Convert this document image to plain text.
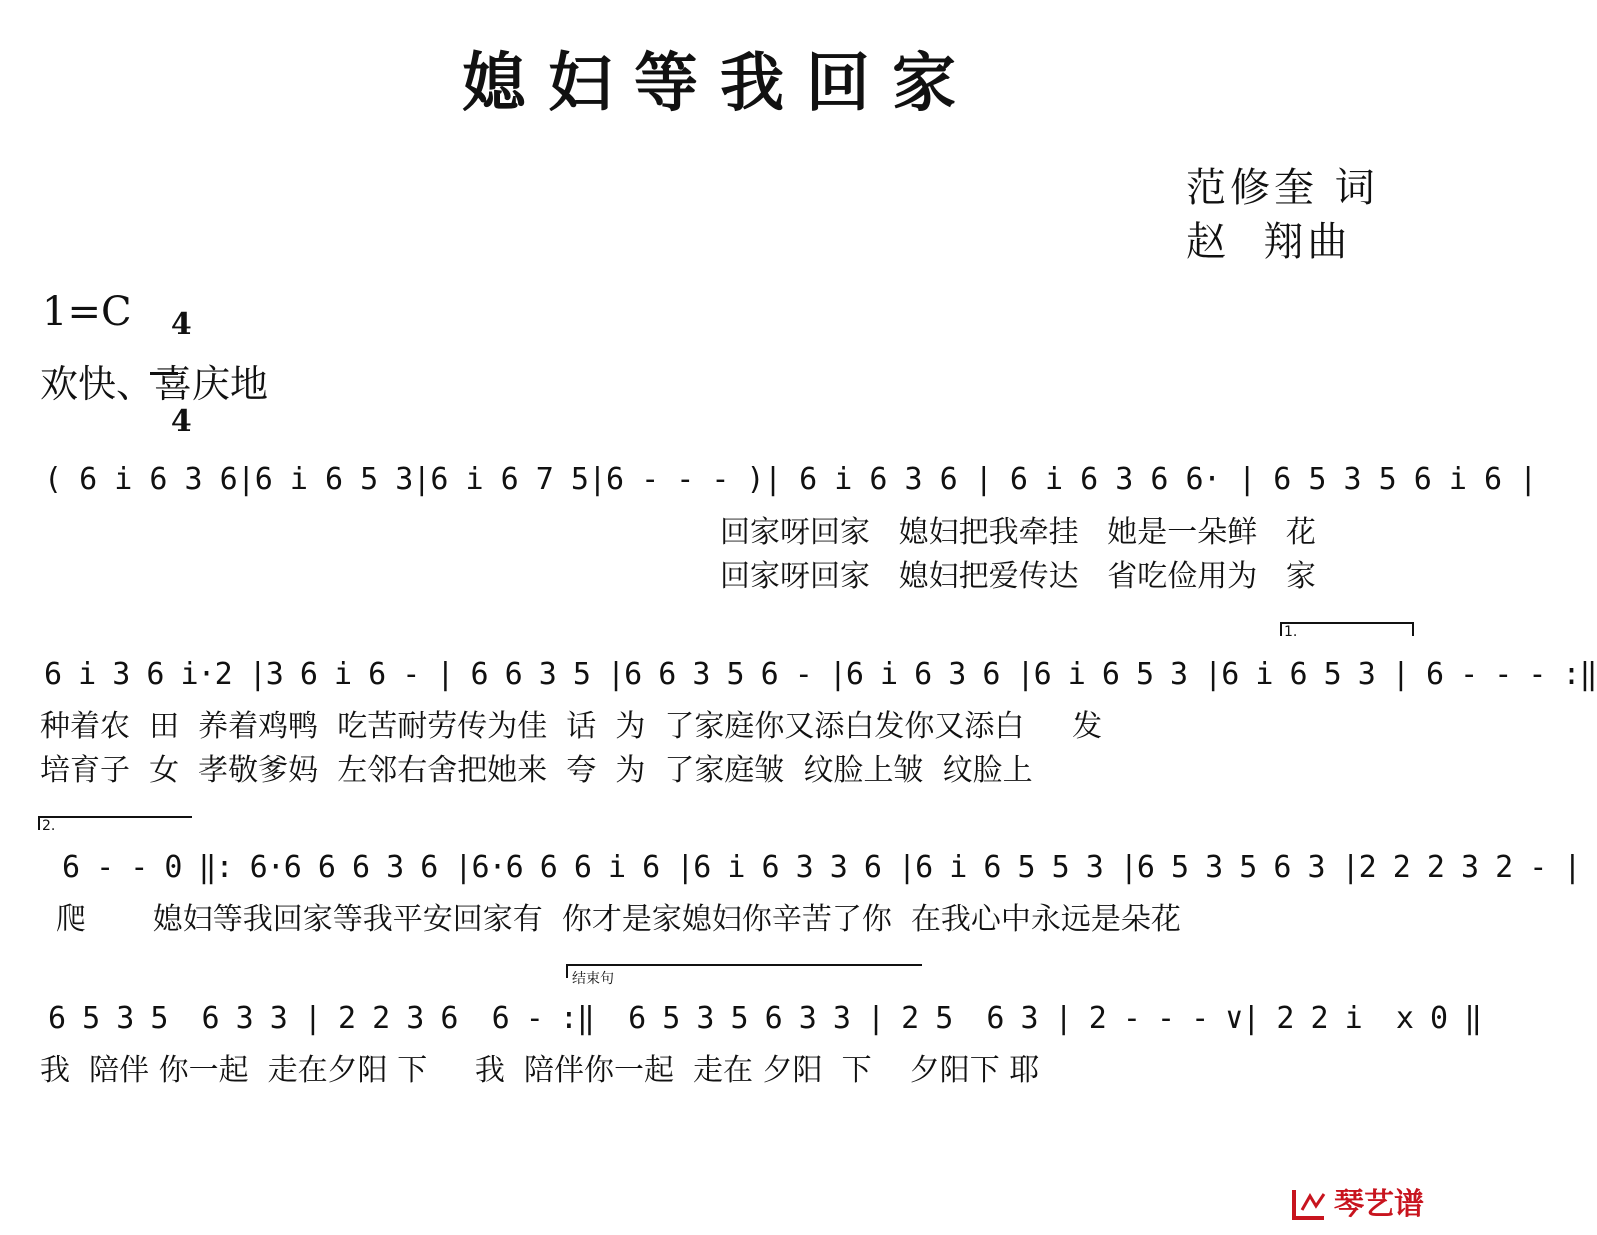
媳妇等我回家
范修奎 词
赵  翔曲
1=C	4

4

欢快、喜庆地
( 6 i 6 3 6|6 i 6 5 3|6 i 6 7 5|6 - - - )| 6 i 6 3 6 | 6 i 6 3 6 6· | 6 5 3 5 6 i 6 |
回家呀回家   媳妇把我牵挂   她是一朵鲜   花
回家呀回家   媳妇把爱传达   省吃俭用为   家
1.
6 i 3 6 i·2 |3 6 i 6 - | 6 6 3 5 |6 6 3 5 6 - |6 i 6 3 6 |6 i 6 5 3 |6 i 6 5 3 | 6 - - - :‖
种着农  田  养着鸡鸭  吃苦耐劳传为佳  话  为  了家庭你又添白发你又添白     发
培育子  女  孝敬爹妈  左邻右舍把她来  夸  为  了家庭皱  纹脸上皱  纹脸上
2.
6 - - 0 ‖: 6·6 6 6 3 6 |6·6 6 6 i 6 |6 i 6 3 3 6 |6 i 6 5 5 3 |6 5 3 5 6 3 |2 2 2 3 2 - |
爬       媳妇等我回家等我平安回家有  你才是家媳妇你辛苦了你  在我心中永远是朵花
结束句
6 5 3 5  6 3 3 | 2 2 3 6  6 - :‖  6 5 3 5 6 3 3 | 2 5  6 3 | 2 - - - ∨| 2 2 i  x 0 ‖
我  陪伴 你一起  走在夕阳 下     我  陪伴你一起  走在 夕阳  下    夕阳下 耶
琴艺谱
